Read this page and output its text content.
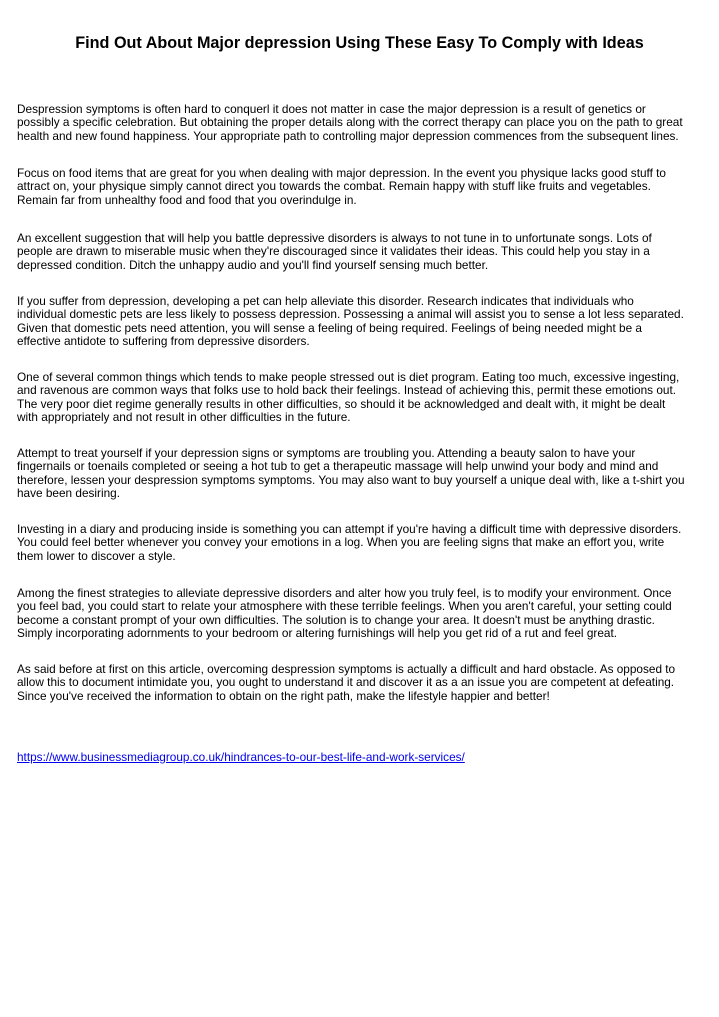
Find Out About Major depression Using These Easy To Comply with Ideas

Despression symptoms is often hard to conquerl it does not matter in case the major depression is a result of genetics or
possibly a specific celebration. But obtaining the proper details along with the correct therapy can place you on the path to great
health and new found happiness. Your appropriate path to controlling major depression commences from the subsequent lines.

Focus on food items that are great for you when dealing with major depression. In the event you physique lacks good stuff to
attract on, your physique simply cannot direct you towards the combat. Remain happy with stuff like fruits and vegetables.
Remain far from unhealthy food and food that you overindulge in.

An excellent suggestion that will help you battle depressive disorders is always to not tune in to unfortunate songs. Lots of
people are drawn to miserable music when they're discouraged since it validates their ideas. This could help you stay in a
depressed condition. Ditch the unhappy audio and you'll find yourself sensing much better.

If you suffer from depression, developing a pet can help alleviate this disorder. Research indicates that individuals who
individual domestic pets are less likely to possess depression. Possessing a animal will assist you to sense a lot less separated.
Given that domestic pets need attention, you will sense a feeling of being required. Feelings of being needed might be a
effective antidote to suffering from depressive disorders.

One of several common things which tends to make people stressed out is diet program. Eating too much, excessive ingesting,
and ravenous are common ways that folks use to hold back their feelings. Instead of achieving this, permit these emotions out.
The very poor diet regime generally results in other difficulties, so should it be acknowledged and dealt with, it might be dealt
with appropriately and not result in other difficulties in the future.

Attempt to treat yourself if your depression signs or symptoms are troubling you. Attending a beauty salon to have your
fingernails or toenails completed or seeing a hot tub to get a therapeutic massage will help unwind your body and mind and
therefore, lessen your despression symptoms symptoms. You may also want to buy yourself a unique deal with, like a t-shirt you
have been desiring.

Investing in a diary and producing inside is something you can attempt if you're having a difficult time with depressive disorders.
You could feel better whenever you convey your emotions in a log. When you are feeling signs that make an effort you, write
them lower to discover a style.

Among the finest strategies to alleviate depressive disorders and alter how you truly feel, is to modify your environment. Once
you feel bad, you could start to relate your atmosphere with these terrible feelings. When you aren't careful, your setting could
become a constant prompt of your own difficulties. The solution is to change your area. It doesn't must be anything drastic.
Simply incorporating adornments to your bedroom or altering furnishings will help you get rid of a rut and feel great.

As said before at first on this article, overcoming despression symptoms is actually a difficult and hard obstacle. As opposed to
allow this to document intimidate you, you ought to understand it and discover it as a an issue you are competent at defeating.
Since you've received the information to obtain on the right path, make the lifestyle happier and better!

https://www.businessmediagroup.co.uk/hindrances-to-our-best-life-and-work-services/
